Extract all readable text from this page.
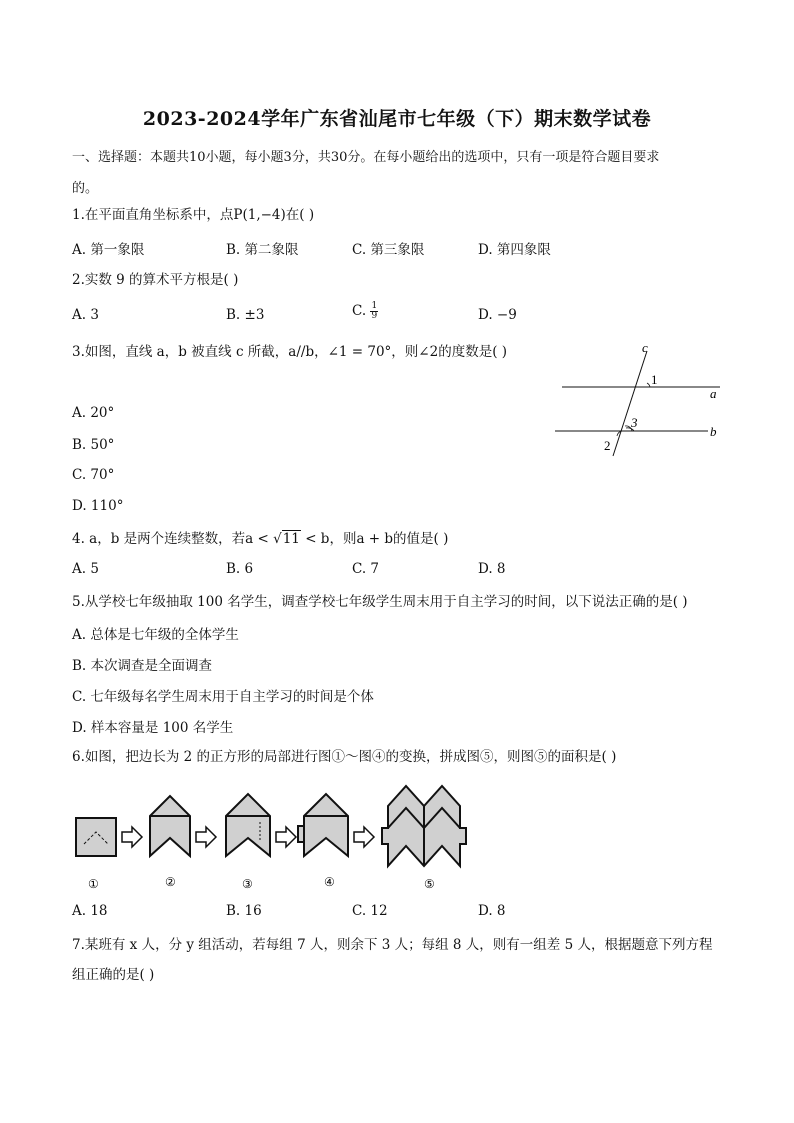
2023-2024学年广东省汕尾市七年级（下）期末数学试卷
一、选择题：本题共10小题，每小题3分，共30分。在每小题给出的选项中，只有一项是符合题目要求
的。
1.在平面直角坐标系中，点P(1,−4)在( )
A. 第一象限	B. 第二象限	C. 第三象限	D. 第四象限
2.实数 9 的算术平方根是( )
A. 3	B. ±3	C. $\frac{1}{9}$	D. −9
3.如图，直线 a，b 被直线 c 所截，a//b，∠1 = 70°，则∠2的度数是( )
A. 20°
B. 50°
C. 70°
D. 110°
c
a
b
1
3
2
4. a，b 是两个连续整数，若a < √11 < b，则a + b的值是( )
A. 5	B. 6	C. 7	D. 8
5.从学校七年级抽取 100 名学生，调查学校七年级学生周末用于自主学习的时间，以下说法正确的是( )
A. 总体是七年级的全体学生
B. 本次调查是全面调查
C. 七年级每名学生周末用于自主学习的时间是个体
D. 样本容量是 100 名学生
6.如图，把边长为 2 的正方形的局部进行图①～图④的变换，拼成图⑤，则图⑤的面积是( )
①	②	③	④	⑤
A. 18	B. 16	C. 12	D. 8
7.某班有 x 人，分 y 组活动，若每组 7 人，则余下 3 人；每组 8 人，则有一组差 5 人，根据题意下列方程
组正确的是( )
